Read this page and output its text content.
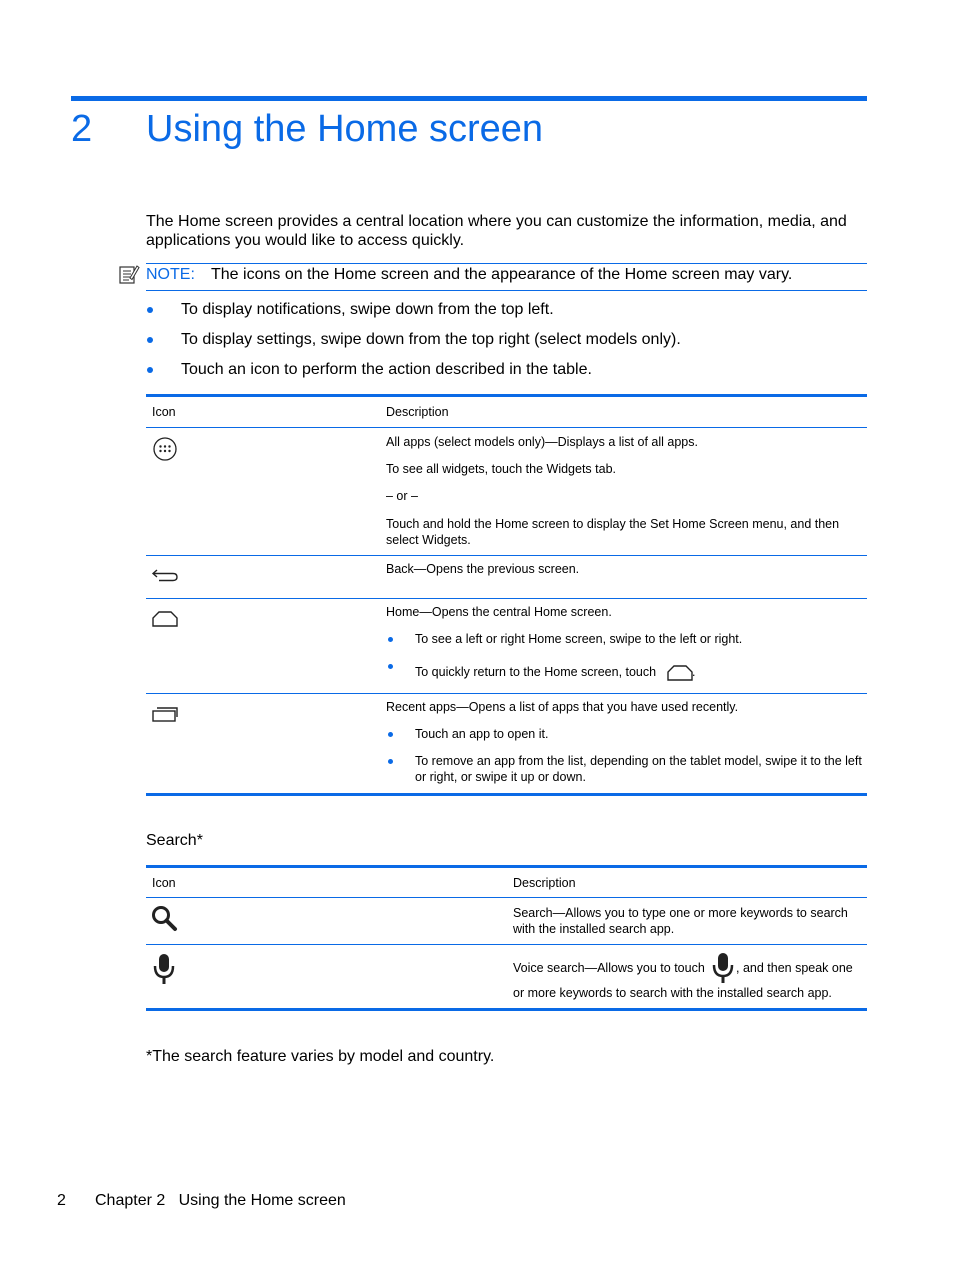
2 Using the Home screen
The Home screen provides a central location where you can customize the information, media, and applications you would like to access quickly.
NOTE: The icons on the Home screen and the appearance of the Home screen may vary.
To display notifications, swipe down from the top left.
To display settings, swipe down from the top right (select models only).
Touch an icon to perform the action described in the table.
Icon	Description
All apps (select models only)—Displays a list of all apps.
To see all widgets, touch the Widgets tab.
– or –
Touch and hold the Home screen to display the Set Home Screen menu, and then select Widgets.
Back—Opens the previous screen.
Home—Opens the central Home screen.
To see a left or right Home screen, swipe to the left or right.
To quickly return to the Home screen, touch	.
Recent apps—Opens a list of apps that you have used recently.
Touch an app to open it.
To remove an app from the list, depending on the tablet model, swipe it to the left or right, or swipe it up or down.
Search*
Icon	Description
Search—Allows you to type one or more keywords to search with the installed search app.
Voice search—Allows you to touch , and then speak one
or more keywords to search with the installed search app.
*The search feature varies by model and country.
2 Chapter 2   Using the Home screen
